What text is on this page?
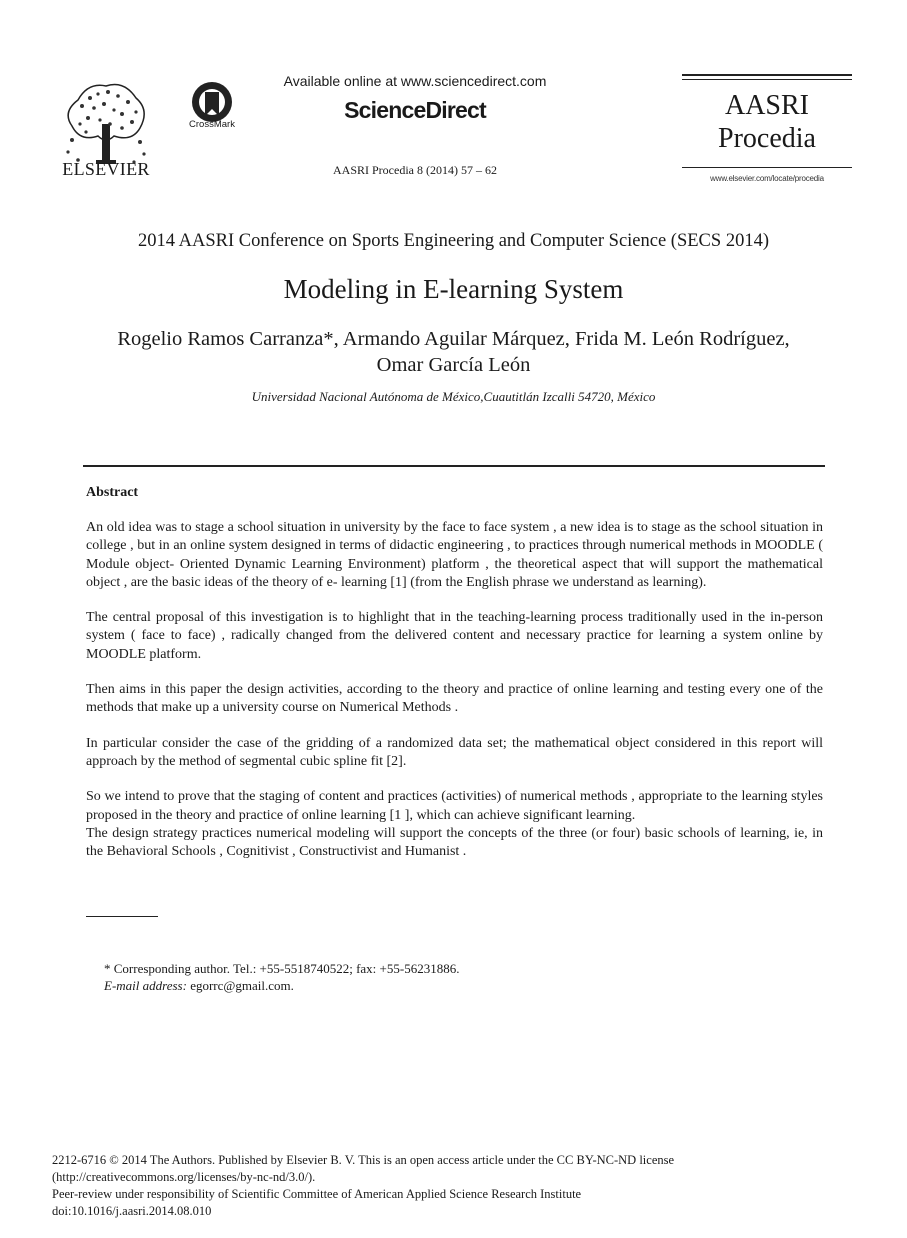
ELSEVIER
CrossMark
Available online at www.sciencedirect.com
ScienceDirect
AASRI Procedia 8 (2014) 57 – 62
AASRI
Procedia
www.elsevier.com/locate/procedia
2014 AASRI Conference on Sports Engineering and Computer Science (SECS 2014)
Modeling in E-learning System
Rogelio Ramos Carranza*, Armando Aguilar Márquez, Frida M. León Rodríguez,
Omar García León
Universidad Nacional Autónoma de México,Cuautitlán Izcalli 54720, México
Abstract

An old idea was to stage a school situation in university by the face to face system , a new idea is to stage as the school situation in college , but in an online system designed in terms of didactic engineering , to practices through numerical methods in MOODLE ( Module object- Oriented Dynamic Learning Environment) platform , the theoretical aspect that will support the mathematical object , are the basic ideas of the theory of e- learning [1] (from the English phrase we understand as learning).

The central proposal of this investigation is to highlight that in the teaching-learning process traditionally used in the in-person system ( face to face) , radically changed from the delivered content and necessary practice for learning a system online by MOODLE platform.

Then aims in this paper the design activities, according to the theory and practice of online learning and testing every one of the methods that make up a university course on Numerical Methods .

In particular consider the case of the gridding of a randomized data set; the mathematical object considered in this report will approach by the method of segmental cubic spline fit [2].

So we intend to prove that the staging of content and practices (activities) of numerical methods , appropriate to the learning styles proposed in the theory and practice of online learning [1 ], which can achieve significant learning.

The design strategy practices numerical modeling will support the concepts of the three (or four) basic schools of learning, ie, in the Behavioral Schools , Cognitivist , Constructivist and Humanist .

* Corresponding author. Tel.: +55-5518740522; fax: +55-56231886.
E-mail address: egorrc@gmail.com.
2212-6716 © 2014 The Authors. Published by Elsevier B. V. This is an open access article under the CC BY-NC-ND license
(http://creativecommons.org/licenses/by-nc-nd/3.0/).
Peer-review under responsibility of Scientific Committee of American Applied Science Research Institute
doi:10.1016/j.aasri.2014.08.010
